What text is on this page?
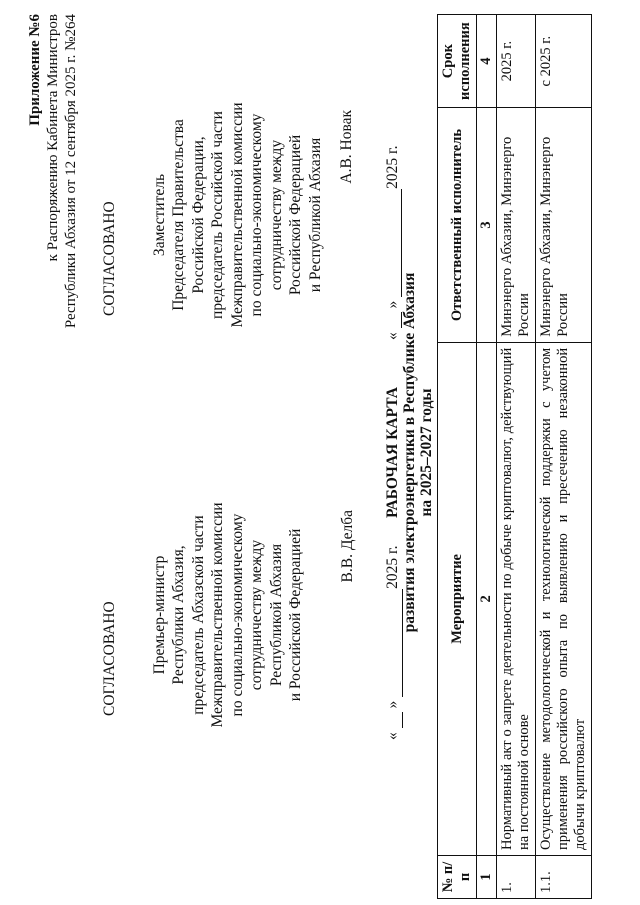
Приложение №6 к Распоряжению Кабинета Министров Республики Абхазия от 12 сентября 2025 г. №264
СОГЛАСОВАНО Премьер-министр Республики Абхазия, председатель Абхазской части Межправительственной комиссии по социально-экономическому сотрудничеству между Республикой Абхазия и Российской Федерацией В.В. Делба
«  » 2025 г.
СОГЛАСОВАНО Заместитель Председателя Правительства Российской Федерации, председатель Российской части Межправительственной комиссии по социально-экономическому сотрудничеству между Российской Федерацией и Республикой Абхазия А.В. Новак
«  » 2025 г.
РАБОЧАЯ КАРТА развития электроэнергетики в Республике Абхазия на 2025–2027 годы
№ п/п	Мероприятие	Ответственный исполнитель	Срок исполнения
1	2	3	4
1.	Нормативный акт о запрете деятельности по добыче криптовалют, действующий на постоянной основе	Минэнерго Абхазии, Минэнерго России	2025 г.
1.1.	Осуществление методологической и технологической поддержки с учетом применения российского опыта по выявлению и пресечению незаконной добычи криптовалют	Минэнерго Абхазии, Минэнерго России	с 2025 г.
